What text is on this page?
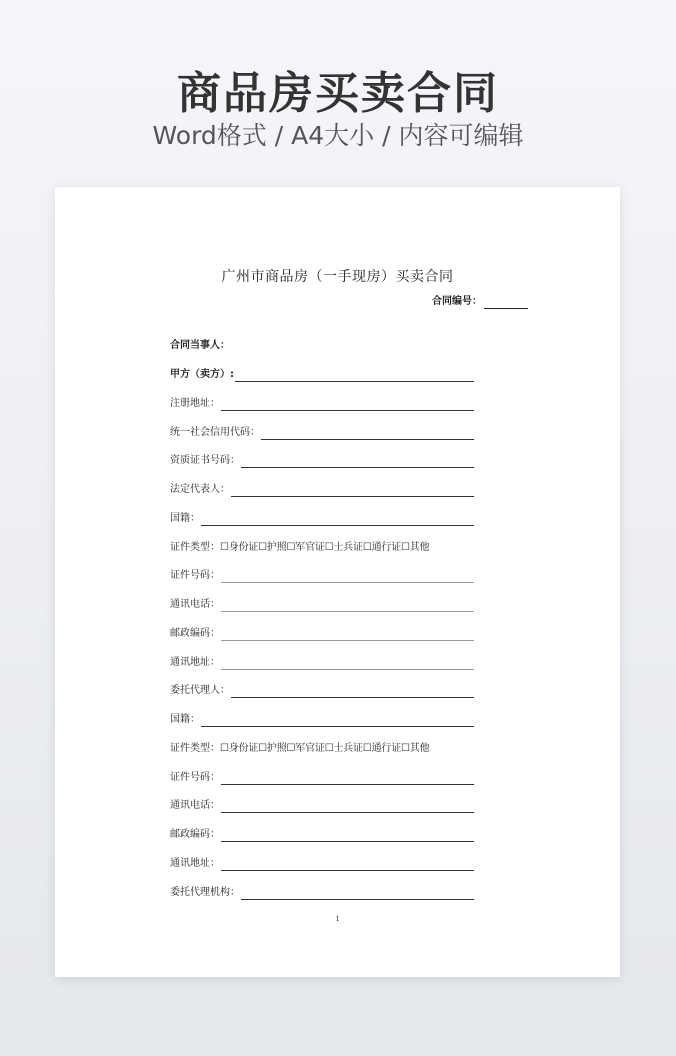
商品房买卖合同
Word格式 / A4大小 / 内容可编辑
广州市商品房（一手现房）买卖合同
合同编号：
合同当事人：
甲方（卖方）:
注册地址：
统一社会信用代码：
资质证书号码：
法定代表人：
国籍：
证件类型： ☐身份证☐护照☐军官证☐士兵证☐通行证☐其他
证件号码：
通讯电话：
邮政编码：
通讯地址：
委托代理人：
国籍：
证件类型： ☐身份证☐护照☐军官证☐士兵证☐通行证☐其他
证件号码：
通讯电话：
邮政编码：
通讯地址：
委托代理机构：
1
